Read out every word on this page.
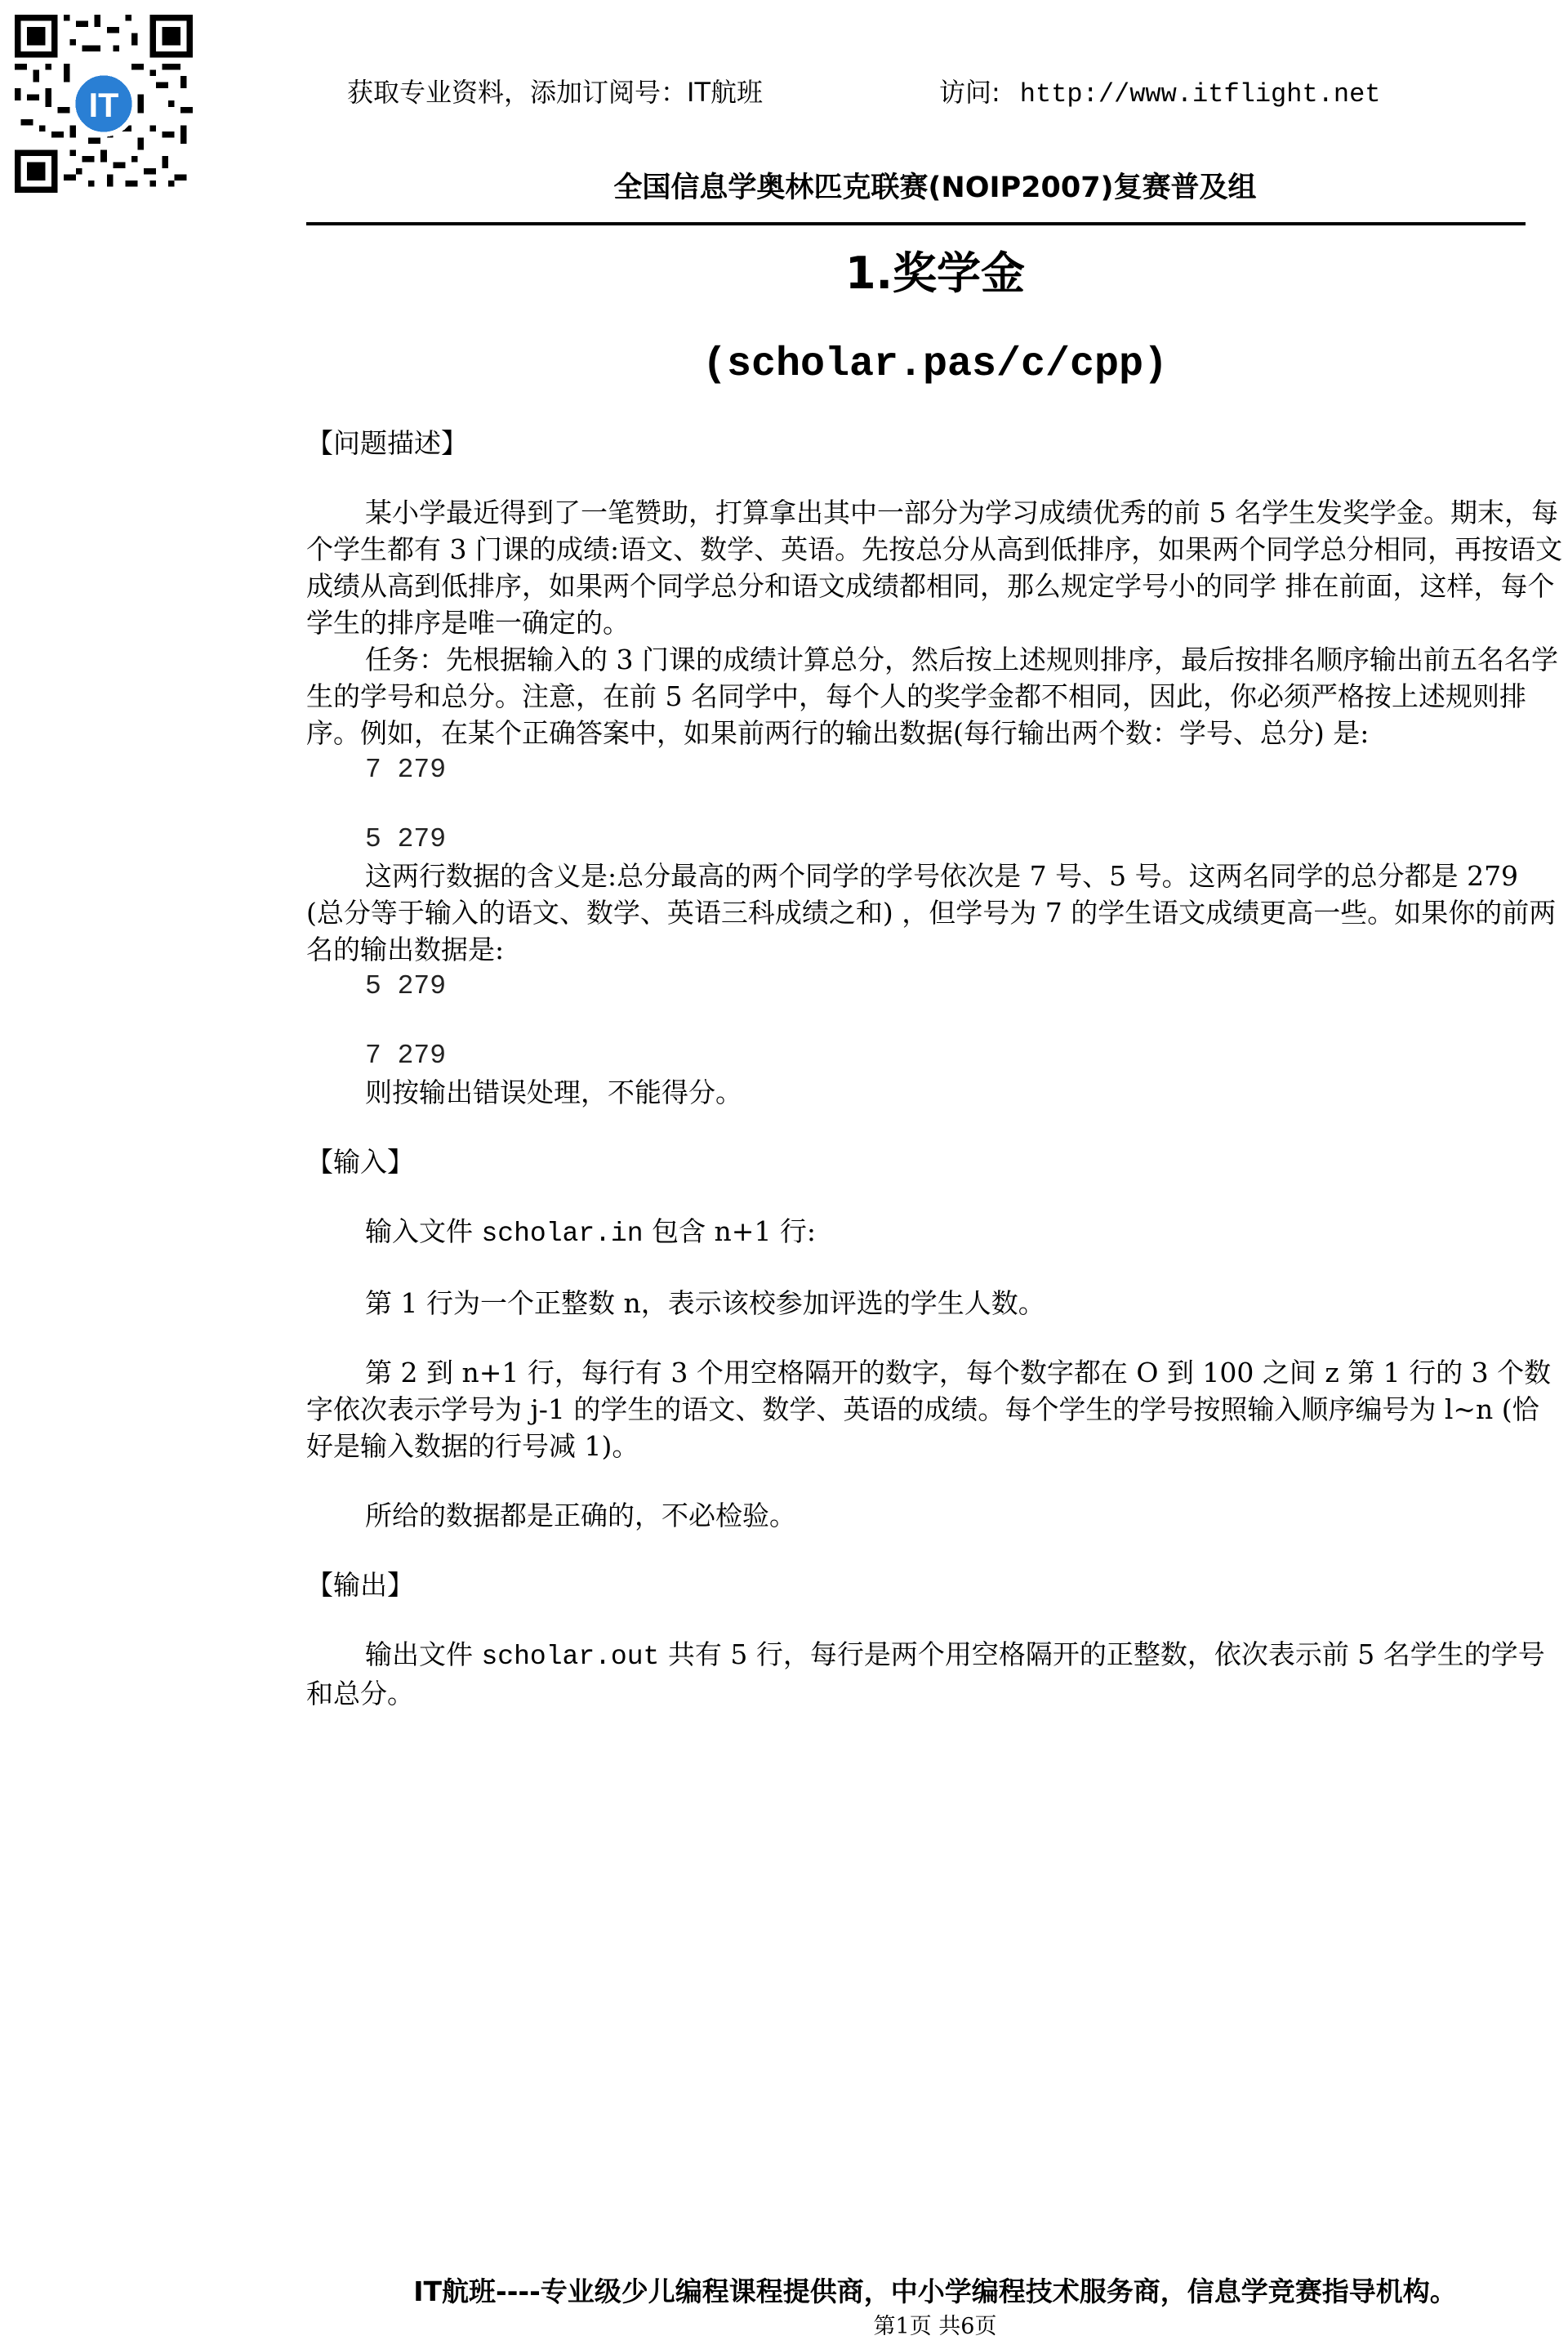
IT	获取专业资料，添加订阅号：IT航班	访问: http://www.itflight.net
全国信息学奥林匹克联赛(NOIP2007)复赛普及组
1.奖学金
(scholar.pas/c/cpp)

【问题描述】

某小学最近得到了一笔赞助，打算拿出其中一部分为学习成绩优秀的前 5 名学生发奖学金。期末，每个学生都有 3 门课的成绩:语文、数学、英语。先按总分从高到低排序，如果两个同学总分相同，再按语文成绩从高到低排序，如果两个同学总分和语文成绩都相同，那么规定学号小的同学 排在前面，这样，每个学生的排序是唯一确定的。

任务：先根据输入的 3 门课的成绩计算总分，然后按上述规则排序，最后按排名顺序输出前五名名学生的学号和总分。注意，在前 5 名同学中，每个人的奖学金都不相同，因此，你必须严格按上述规则排序。例如，在某个正确答案中，如果前两行的输出数据(每行输出两个数：学号、总分) 是:

7 279

5 279

这两行数据的含义是:总分最高的两个同学的学号依次是 7 号、5 号。这两名同学的总分都是 279 (总分等于输入的语文、数学、英语三科成绩之和) ，但学号为 7 的学生语文成绩更高一些。如果你的前两名的输出数据是:

5 279

7 279

则按输出错误处理，不能得分。

【输入】

输入文件 scholar.in 包含 n+1 行:

第 1 行为一个正整数 n，表示该校参加评选的学生人数。

第 2 到 n+1 行，每行有 3 个用空格隔开的数字，每个数字都在 O 到 100 之间 z 第 1 行的 3 个数 字依次表示学号为 j-1 的学生的语文、数学、英语的成绩。每个学生的学号按照输入顺序编号为 l~n (恰好是输入数据的行号减 1)。

所给的数据都是正确的，不必检验。

【输出】

输出文件 scholar.out 共有 5 行，每行是两个用空格隔开的正整数，依次表示前 5 名学生的学号和总分。

IT航班----专业级少儿编程课程提供商，中小学编程技术服务商，信息学竞赛指导机构。
第1页 共6页
